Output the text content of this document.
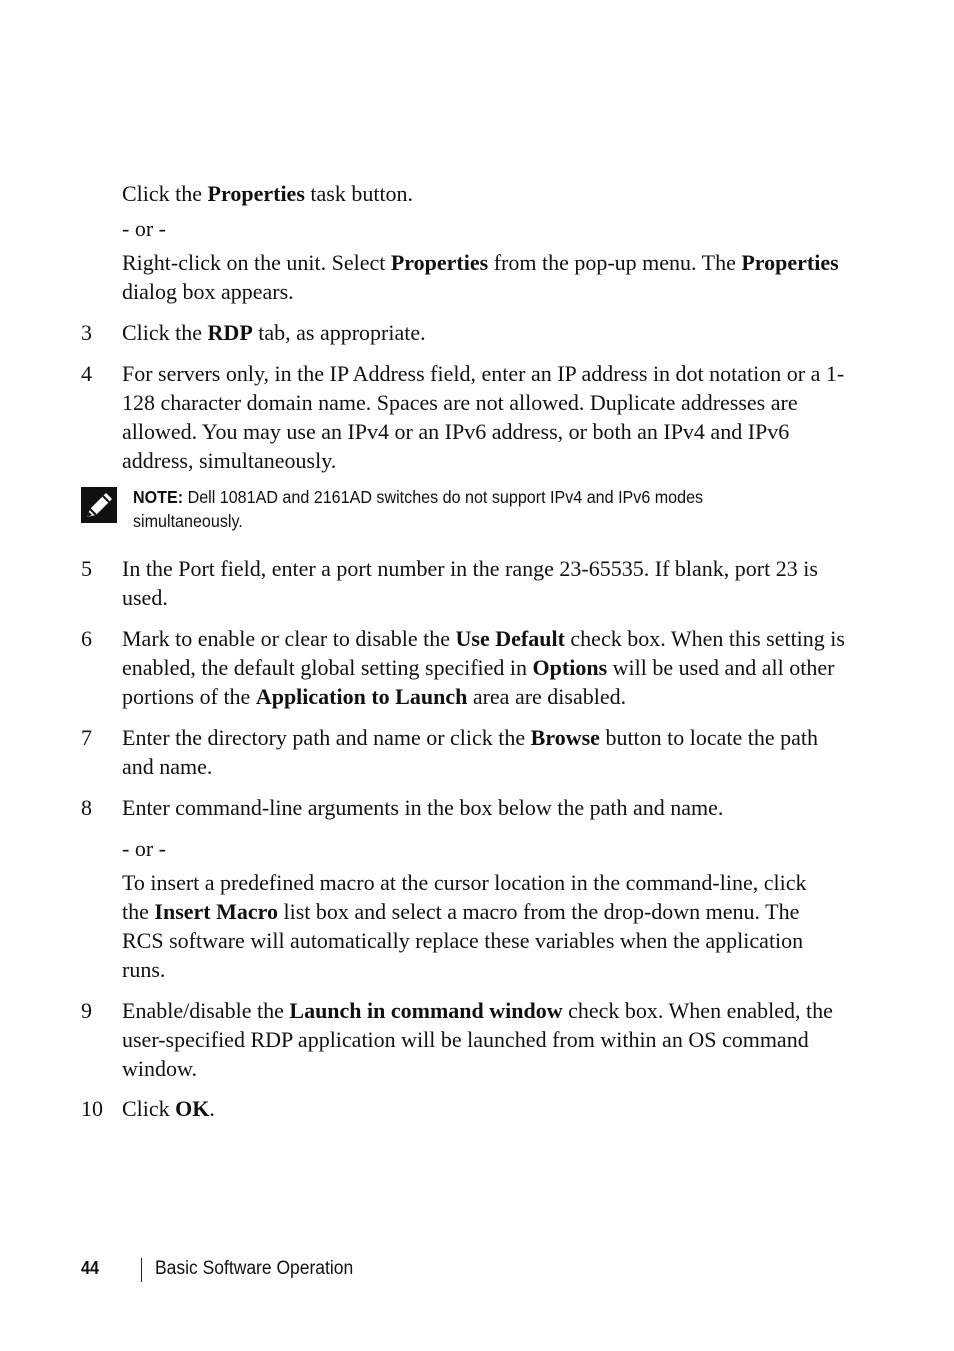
Click the Properties task button.
- or -
Right-click on the unit. Select Properties from the pop-up menu. The Properties dialog box appears.
3	Click the RDP tab, as appropriate.
4	For servers only, in the IP Address field, enter an IP address in dot notation or a 1-128 character domain name. Spaces are not allowed. Duplicate addresses are allowed. You may use an IPv4 or an IPv6 address, or both an IPv4 and IPv6 address, simultaneously.
NOTE: Dell 1081AD and 2161AD switches do not support IPv4 and IPv6 modes simultaneously.
5	In the Port field, enter a port number in the range 23-65535. If blank, port 23 is used.
6	Mark to enable or clear to disable the Use Default check box. When this setting is enabled, the default global setting specified in Options will be used and all other portions of the Application to Launch area are disabled.
7	Enter the directory path and name or click the Browse button to locate the path and name.
8	Enter command-line arguments in the box below the path and name.
- or -
To insert a predefined macro at the cursor location in the command-line, click the Insert Macro list box and select a macro from the drop-down menu. The RCS software will automatically replace these variables when the application runs.
9	Enable/disable the Launch in command window check box. When enabled, the user-specified RDP application will be launched from within an OS command window.
10 Click OK.
44	Basic Software Operation
